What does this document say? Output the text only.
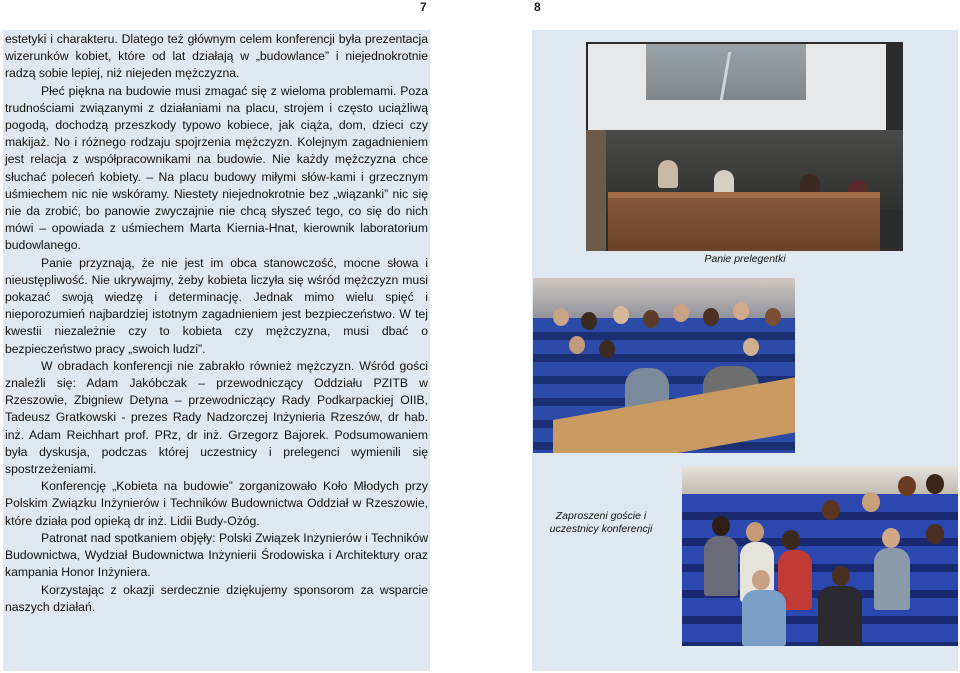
7	8

estetyki i charakteru. Dlatego też głównym celem konferencji była prezentacja wizerunków kobiet, które od lat działają w „budowlance” i niejednokrotnie radzą sobie lepiej, niż niejeden mężczyzna.

Płeć piękna na budowie musi zmagać się z wieloma problemami. Poza trudnościami związanymi z działaniami na placu, strojem i często uciążliwą pogodą, dochodzą przeszkody typowo kobiece, jak ciąża, dom, dzieci czy makijaż. No i różnego rodzaju spojrzenia mężczyzn. Kolejnym zagadnieniem jest relacja z współpracownikami na budowie. Nie każdy mężczyzna chce słuchać poleceń kobiety. – Na placu budowy miłymi słów-kami i grzecznym uśmiechem nic nie wskóramy. Niestety niejednokrotnie bez „wiązanki” nic się nie da zrobić, bo panowie zwyczajnie nie chcą słyszeć tego, co się do nich mówi – opowiada z uśmiechem Marta Kiernia-Hnat, kierownik laboratorium budowlanego.

Panie przyznają, że nie jest im obca stanowczość, mocne słowa i nieustępliwość. Nie ukrywajmy, żeby kobieta liczyła się wśród mężczyzn musi pokazać swoją wiedzę i determinację. Jednak mimo wielu spięć i nieporozumień najbardziej istotnym zagadnieniem jest bezpieczeństwo. W tej kwestii niezależnie czy to kobieta czy mężczyzna, musi dbać o bezpieczeństwo pracy „swoich ludzi”.

W obradach konferencji nie zabrakło również mężczyzn. Wśród gości znaleźli się: Adam Jakóbczak – przewodniczący Oddziału PZITB w Rzeszowie, Zbigniew Detyna – przewodniczący Rady Podkarpackiej OIIB, Tadeusz Gratkowski - prezes Rady Nadzorczej Inżynieria Rzeszów, dr hab. inż. Adam Reichhart prof. PRz, dr inż. Grzegorz Bajorek. Podsumowaniem była dyskusja, podczas której uczestnicy i prelegenci wymienili się spostrzeżeniami.

Konferencję „Kobieta na budowie” zorganizowało Koło Młodych przy Polskim Związku Inżynierów i Techników Budownictwa Oddział w Rzeszowie, które działa pod opieką dr inż. Lidii Budy-Ożóg.

Patronat nad spotkaniem objęły: Polski Związek Inżynierów i Techników Budownictwa, Wydział Budownictwa Inżynierii Środowiska i Architektury oraz kampania Honor Inżyniera.

Korzystając z okazji serdecznie dziękujemy sponsorom za wsparcie naszych działań.

Panie prelegentki
Zaproszeni goście i uczestnicy konferencji
